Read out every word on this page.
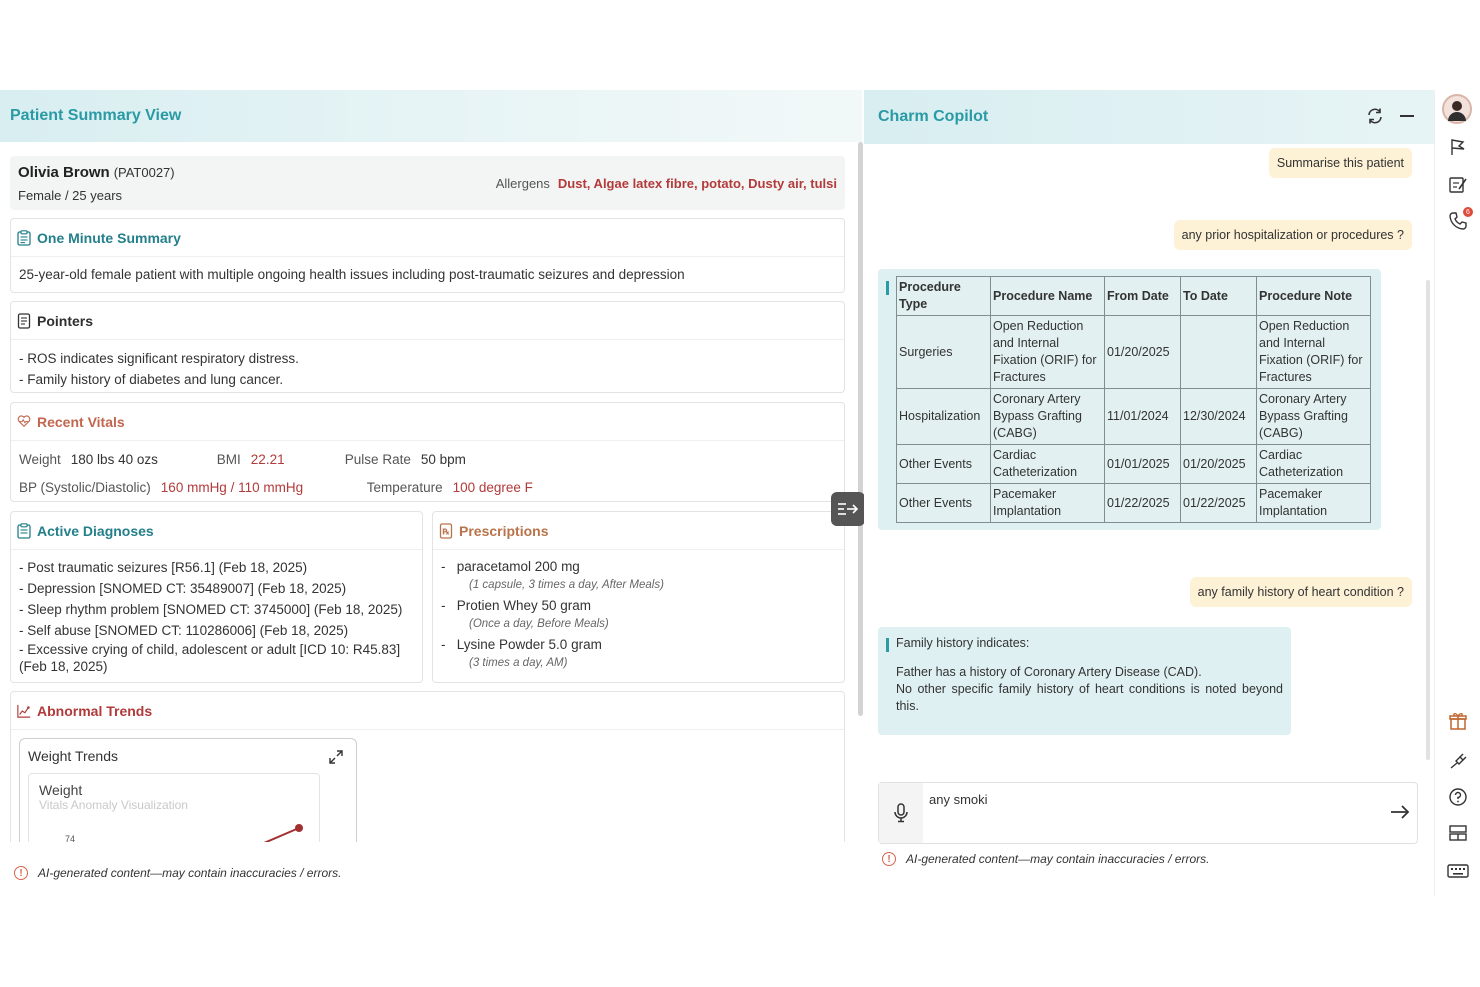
Patient Summary View
Olivia Brown (PAT0027)
Female / 25 years
Allergens Dust, Algae latex fibre, potato, Dusty air, tulsi
One Minute Summary
25-year-old female patient with multiple ongoing health issues including post-traumatic seizures and depression
Pointers
- ROS indicates significant respiratory distress.
- Family history of diabetes and lung cancer.
Recent Vitals
Weight 180 lbs 40 ozs	BMI 22.21	Pulse Rate 50 bpm
BP (Systolic/Diastolic) 160 mmHg / 110 mmHg	Temperature 100 degree F
Active Diagnoses
- Post traumatic seizures [R56.1] (Feb 18, 2025)
- Depression [SNOMED CT: 35489007] (Feb 18, 2025)
- Sleep rhythm problem [SNOMED CT: 3745000] (Feb 18, 2025)
- Self abuse [SNOMED CT: 110286006] (Feb 18, 2025)
- Excessive crying of child, adolescent or adult [ICD 10: R45.83] (Feb 18, 2025)
℞ Prescriptions
-   paracetamol 200 mg
(1 capsule, 3 times a day, After Meals)
-   Protien Whey 50 gram
(Once a day, Before Meals)
-   Lysine Powder 5.0 gram
(3 times a day, AM)
Abnormal Trends
Weight Trends
Weight
Vitals Anomaly Visualization
74
!	AI-generated content—may contain inaccuracies / errors.
Charm Copilot
Summarise this patient
any prior hospitalization or procedures ?
Procedure Type	Procedure Name	From Date	To Date	Procedure Note
Surgeries	Open Reduction and Internal Fixation (ORIF) for Fractures	01/20/2025		Open Reduction and Internal Fixation (ORIF) for Fractures
Hospitalization	Coronary Artery Bypass Grafting (CABG)	11/01/2024	12/30/2024	Coronary Artery Bypass Grafting (CABG)
Other Events	Cardiac Catheterization	01/01/2025	01/20/2025	Cardiac Catheterization
Other Events	Pacemaker Implantation	01/22/2025	01/22/2025	Pacemaker Implantation
any family history of heart condition ?
Family history indicates:
Father has a history of Coronary Artery Disease (CAD).
No other specific family history of heart conditions is noted beyond this.
any smoki
!	AI-generated content—may contain inaccuracies / errors.
6
